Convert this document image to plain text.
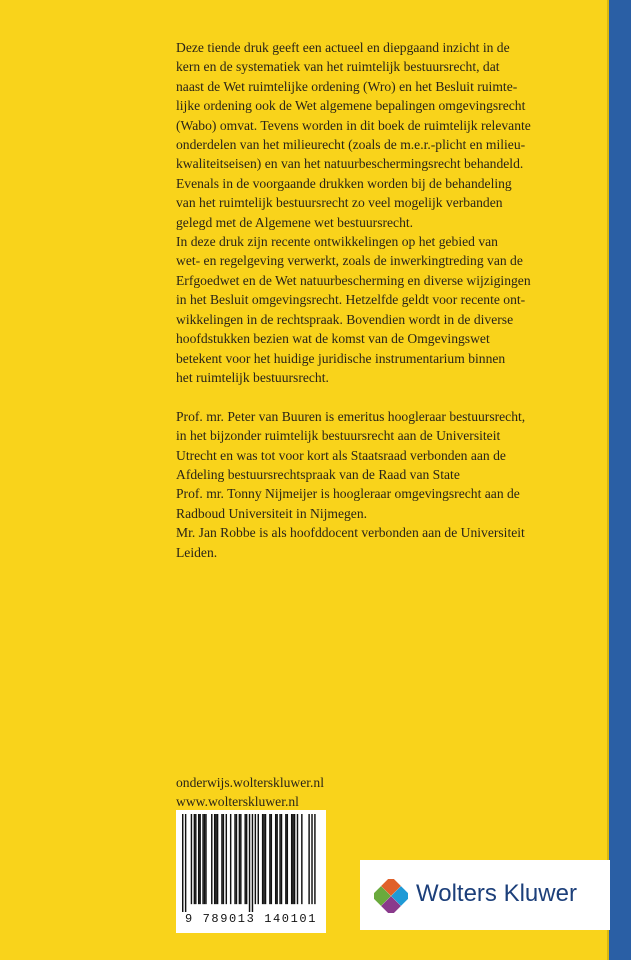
Deze tiende druk geeft een actueel en diepgaand inzicht in de

kern en de systematiek van het ruimtelijk bestuursrecht, dat

naast de Wet ruimtelijke ordening (Wro) en het Besluit ruimte-

lijke ordening ook de Wet algemene bepalingen omgevingsrecht

(Wabo) omvat. Tevens worden in dit boek de ruimtelijk relevante

onderdelen van het milieurecht (zoals de m.e.r.-plicht en milieu-

kwaliteitseisen) en van het natuurbeschermingsrecht behandeld.

Evenals in de voorgaande drukken worden bij de behandeling

van het ruimtelijk bestuursrecht zo veel mogelijk verbanden

gelegd met de Algemene wet bestuursrecht.

In deze druk zijn recente ontwikkelingen op het gebied van

wet- en regelgeving verwerkt, zoals de inwerkingtreding van de

Erfgoedwet en de Wet natuurbescherming en diverse wijzigingen

in het Besluit omgevingsrecht. Hetzelfde geldt voor recente ont-

wikkelingen in de rechtspraak. Bovendien wordt in de diverse

hoofdstukken bezien wat de komst van de Omgevingswet

betekent voor het huidige juridische instrumentarium binnen

het ruimtelijk bestuursrecht.

Prof. mr. Peter van Buuren is emeritus hoogleraar bestuursrecht,

in het bijzonder ruimtelijk bestuursrecht aan de Universiteit

Utrecht en was tot voor kort als Staatsraad verbonden aan de

Afdeling bestuursrechtspraak van de Raad van State

Prof. mr. Tonny Nijmeijer is hoogleraar omgevingsrecht aan de

Radboud Universiteit in Nijmegen.

Mr. Jan Robbe is als hoofddocent verbonden aan de Universiteit

Leiden.

onderwijs.wolterskluwer.nl
www.wolterskluwer.nl
9 789013 140101
Wolters Kluwer
